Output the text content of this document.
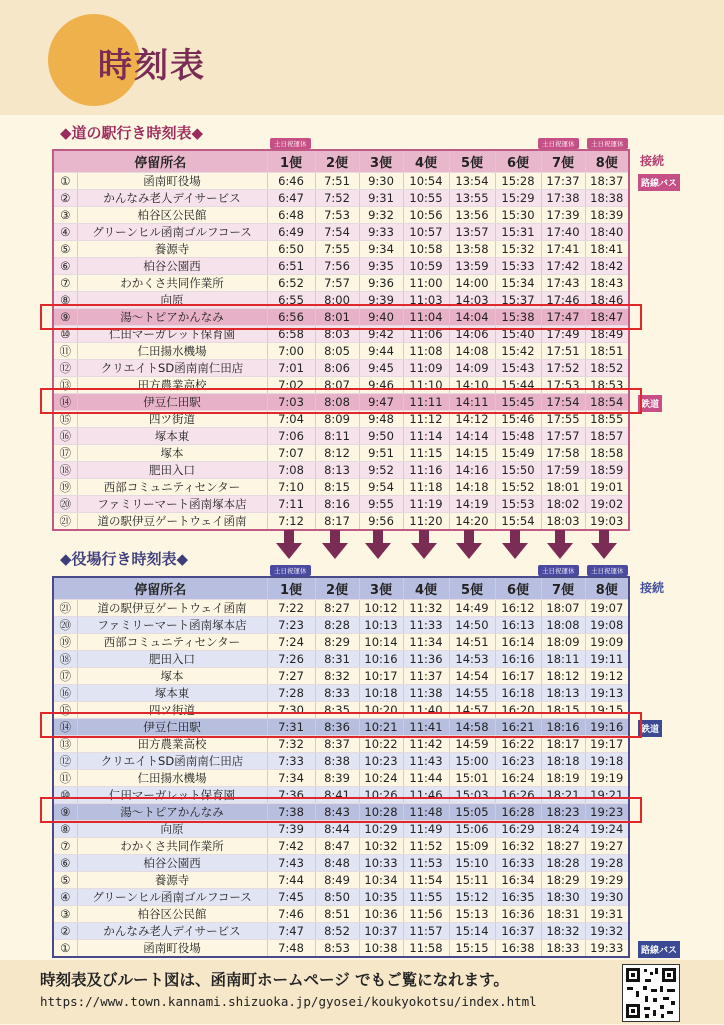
時刻表
◆道の駅行き時刻表◆
◆役場行き時刻表◆
土日祝運休	土日祝運休	土日祝運休
土日祝運休	土日祝運休	土日祝運休
停留所名		1便	2便	3便	4便	5便	6便	7便	8便
①	函南町役場	6:46	7:51	9:30	10:54	13:54	15:28	17:37	18:37
②	かんなみ老人デイサービス	6:47	7:52	9:31	10:55	13:55	15:29	17:38	18:38
③	柏谷区公民館	6:48	7:53	9:32	10:56	13:56	15:30	17:39	18:39
④	グリーンヒル函南ゴルフコース	6:49	7:54	9:33	10:57	13:57	15:31	17:40	18:40
⑤	養源寺	6:50	7:55	9:34	10:58	13:58	15:32	17:41	18:41
⑥	柏谷公園西	6:51	7:56	9:35	10:59	13:59	15:33	17:42	18:42
⑦	わかくさ共同作業所	6:52	7:57	9:36	11:00	14:00	15:34	17:43	18:43
⑧	向原	6:55	8:00	9:39	11:03	14:03	15:37	17:46	18:46
⑨	湯〜トピアかんなみ	6:56	8:01	9:40	11:04	14:04	15:38	17:47	18:47
⑩	仁田マーガレット保育園	6:58	8:03	9:42	11:06	14:06	15:40	17:49	18:49
⑪	仁田揚水機場	7:00	8:05	9:44	11:08	14:08	15:42	17:51	18:51
⑫	クリエイトSD函南南仁田店	7:01	8:06	9:45	11:09	14:09	15:43	17:52	18:52
⑬	田方農業高校	7:02	8:07	9:46	11:10	14:10	15:44	17:53	18:53
⑭	伊豆仁田駅	7:03	8:08	9:47	11:11	14:11	15:45	17:54	18:54
⑮	四ツ街道	7:04	8:09	9:48	11:12	14:12	15:46	17:55	18:55
⑯	塚本東	7:06	8:11	9:50	11:14	14:14	15:48	17:57	18:57
⑰	塚本	7:07	8:12	9:51	11:15	14:15	15:49	17:58	18:58
⑱	肥田入口	7:08	8:13	9:52	11:16	14:16	15:50	17:59	18:59
⑲	西部コミュニティセンター	7:10	8:15	9:54	11:18	14:18	15:52	18:01	19:01
⑳	ファミリーマート函南塚本店	7:11	8:16	9:55	11:19	14:19	15:53	18:02	19:02
㉑	道の駅伊豆ゲートウェイ函南	7:12	8:17	9:56	11:20	14:20	15:54	18:03	19:03
停留所名		1便	2便	3便	4便	5便	6便	7便	8便
㉑	道の駅伊豆ゲートウェイ函南	7:22	8:27	10:12	11:32	14:49	16:12	18:07	19:07
⑳	ファミリーマート函南塚本店	7:23	8:28	10:13	11:33	14:50	16:13	18:08	19:08
⑲	西部コミュニティセンター	7:24	8:29	10:14	11:34	14:51	16:14	18:09	19:09
⑱	肥田入口	7:26	8:31	10:16	11:36	14:53	16:16	18:11	19:11
⑰	塚本	7:27	8:32	10:17	11:37	14:54	16:17	18:12	19:12
⑯	塚本東	7:28	8:33	10:18	11:38	14:55	16:18	18:13	19:13
⑮	四ツ街道	7:30	8:35	10:20	11:40	14:57	16:20	18:15	19:15
⑭	伊豆仁田駅	7:31	8:36	10:21	11:41	14:58	16:21	18:16	19:16
⑬	田方農業高校	7:32	8:37	10:22	11:42	14:59	16:22	18:17	19:17
⑫	クリエイトSD函南南仁田店	7:33	8:38	10:23	11:43	15:00	16:23	18:18	19:18
⑪	仁田揚水機場	7:34	8:39	10:24	11:44	15:01	16:24	18:19	19:19
⑩	仁田マーガレット保育園	7:36	8:41	10:26	11:46	15:03	16:26	18:21	19:21
⑨	湯〜トピアかんなみ	7:38	8:43	10:28	11:48	15:05	16:28	18:23	19:23
⑧	向原	7:39	8:44	10:29	11:49	15:06	16:29	18:24	19:24
⑦	わかくさ共同作業所	7:42	8:47	10:32	11:52	15:09	16:32	18:27	19:27
⑥	柏谷公園西	7:43	8:48	10:33	11:53	15:10	16:33	18:28	19:28
⑤	養源寺	7:44	8:49	10:34	11:54	15:11	16:34	18:29	19:29
④	グリーンヒル函南ゴルフコース	7:45	8:50	10:35	11:55	15:12	16:35	18:30	19:30
③	柏谷区公民館	7:46	8:51	10:36	11:56	15:13	16:36	18:31	19:31
②	かんなみ老人デイサービス	7:47	8:52	10:37	11:57	15:14	16:37	18:32	19:32
①	函南町役場	7:48	8:53	10:38	11:58	15:15	16:38	18:33	19:33
接続
接続
路線バス
鉄道
鉄道
路線バス
時刻表及びルート図は、函南町ホームページ でもご覧になれます。
https://www.town.kannami.shizuoka.jp/gyosei/koukyokotsu/index.html
